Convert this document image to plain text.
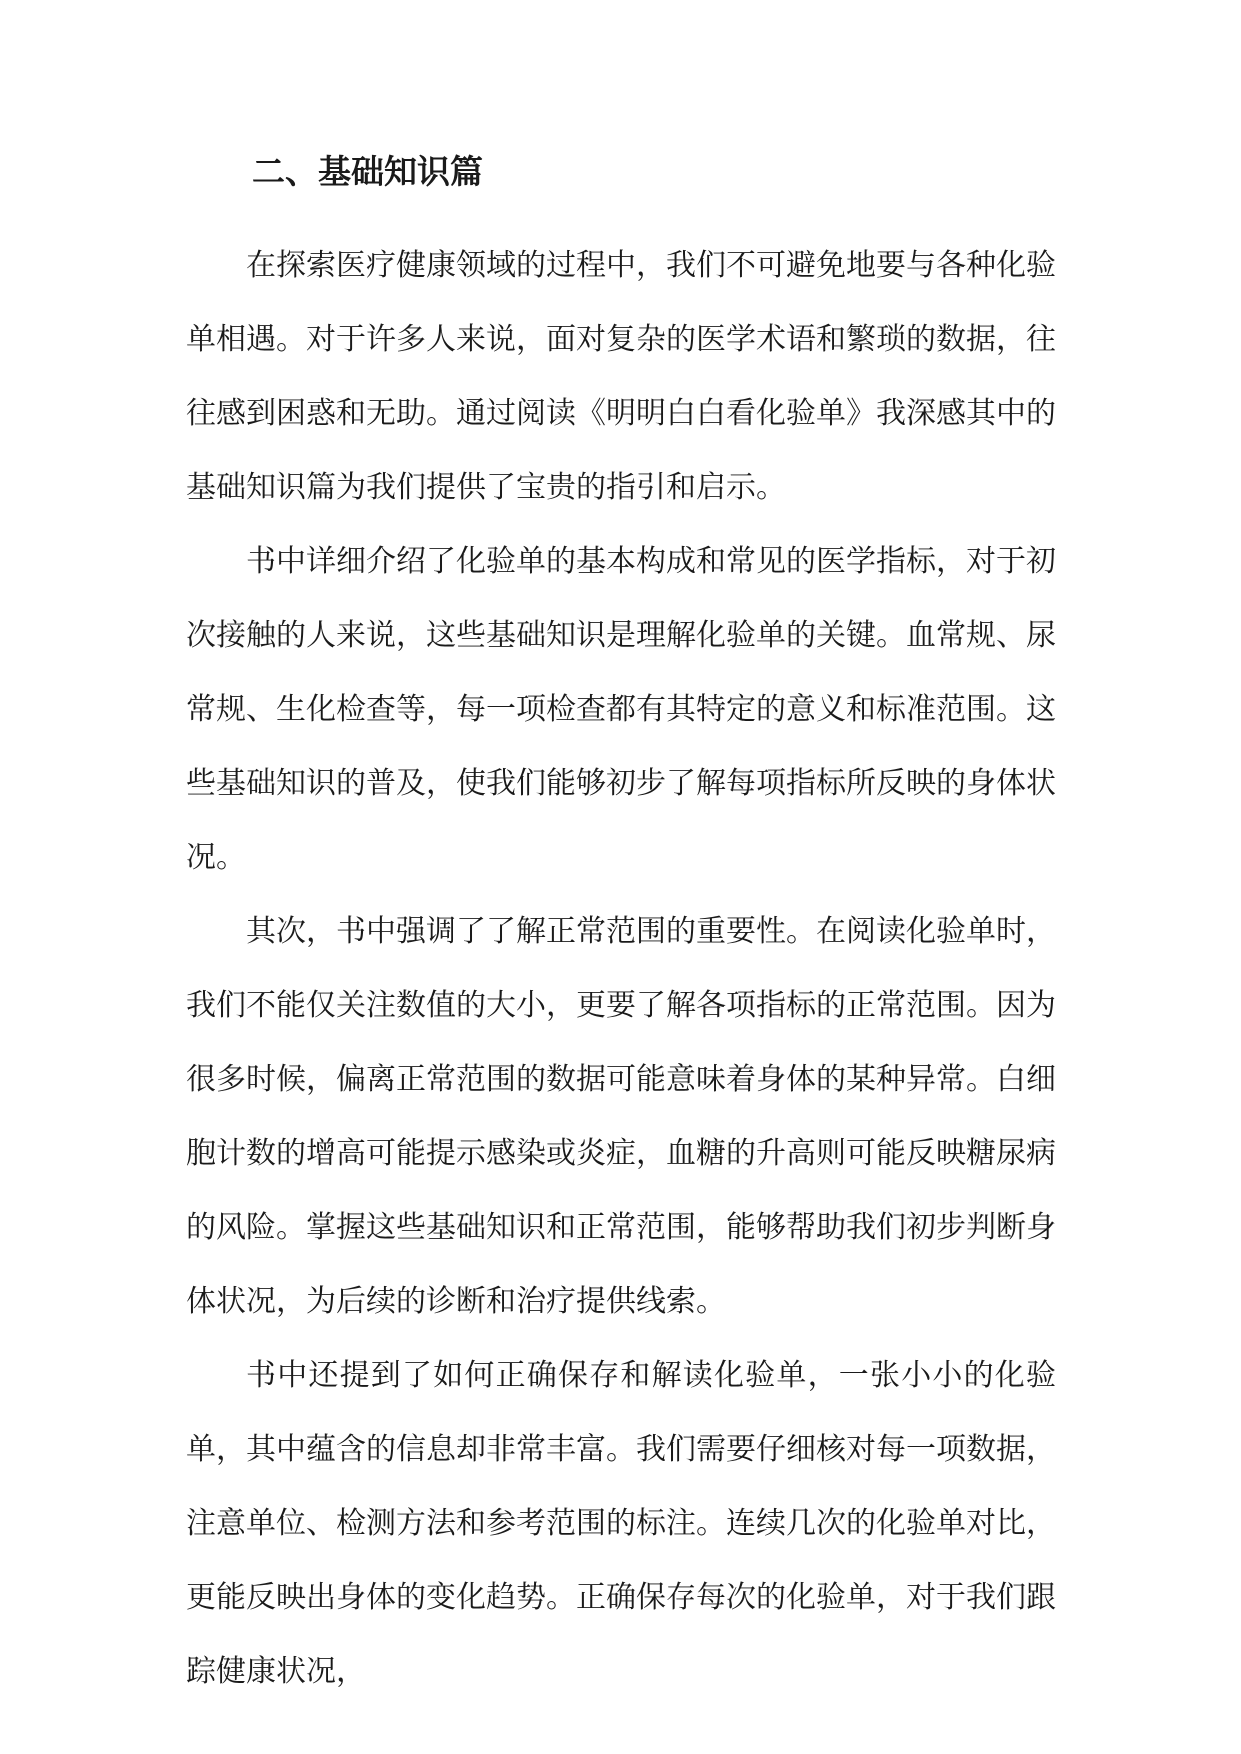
二、基础知识篇

在探索医疗健康领域的过程中，我们不可避免地要与各种化验单相遇。对于许多人来说，面对复杂的医学术语和繁琐的数据，往往感到困惑和无助。通过阅读《明明白白看化验单》我深感其中的基础知识篇为我们提供了宝贵的指引和启示。

书中详细介绍了化验单的基本构成和常见的医学指标，对于初次接触的人来说，这些基础知识是理解化验单的关键。血常规、尿常规、生化检查等，每一项检查都有其特定的意义和标准范围。这些基础知识的普及，使我们能够初步了解每项指标所反映的身体状况。

其次，书中强调了了解正常范围的重要性。在阅读化验单时，我们不能仅关注数值的大小，更要了解各项指标的正常范围。因为很多时候，偏离正常范围的数据可能意味着身体的某种异常。白细胞计数的增高可能提示感染或炎症，血糖的升高则可能反映糖尿病的风险。掌握这些基础知识和正常范围，能够帮助我们初步判断身体状况，为后续的诊断和治疗提供线索。

书中还提到了如何正确保存和解读化验单，一张小小的化验单，其中蕴含的信息却非常丰富。我们需要仔细核对每一项数据，注意单位、检测方法和参考范围的标注。连续几次的化验单对比，更能反映出身体的变化趋势。正确保存每次的化验单，对于我们跟踪健康状况，
